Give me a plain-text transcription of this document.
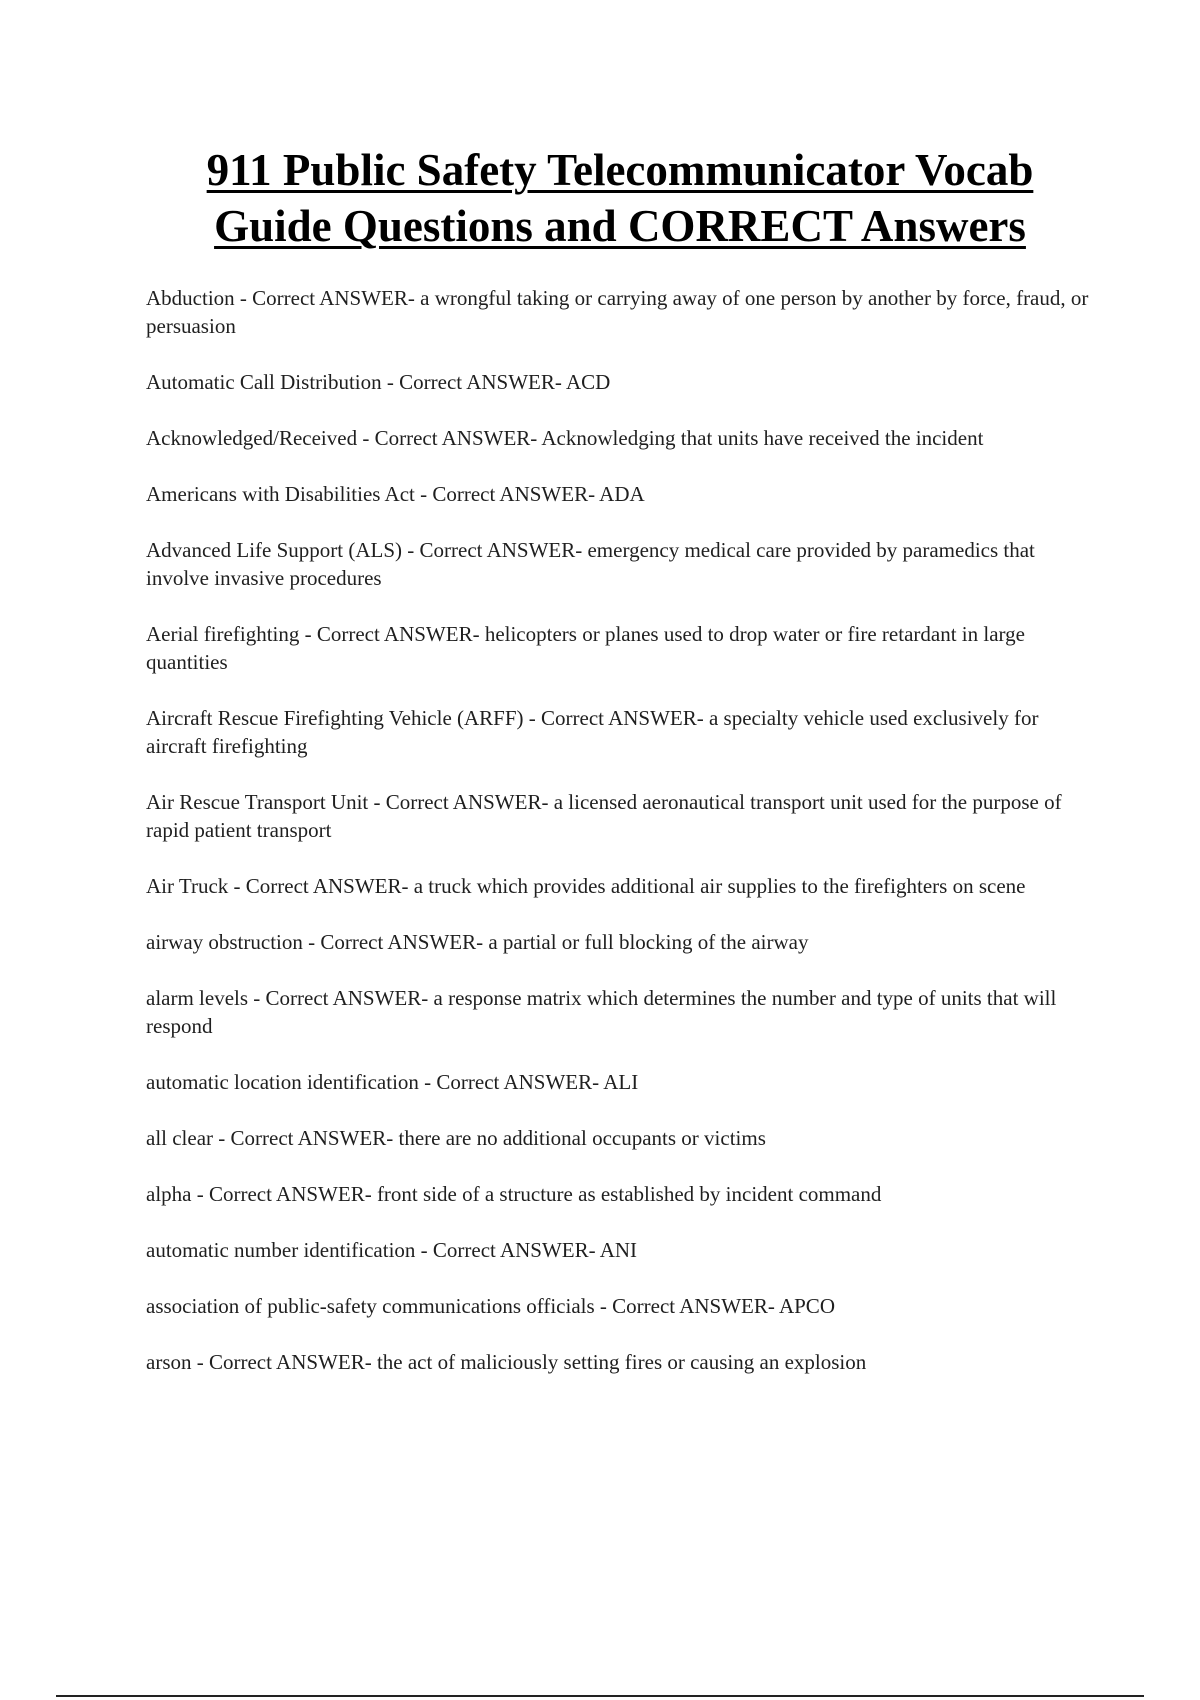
911 Public Safety Telecommunicator Vocab
Guide Questions and CORRECT Answers
Abduction - Correct ANSWER- a wrongful taking or carrying away of one person by another by force, fraud, or persuasion
Automatic Call Distribution - Correct ANSWER- ACD
Acknowledged/Received - Correct ANSWER- Acknowledging that units have received the incident
Americans with Disabilities Act - Correct ANSWER- ADA
Advanced Life Support (ALS) - Correct ANSWER- emergency medical care provided by paramedics that involve invasive procedures
Aerial firefighting - Correct ANSWER- helicopters or planes used to drop water or fire retardant in large quantities
Aircraft Rescue Firefighting Vehicle (ARFF) - Correct ANSWER- a specialty vehicle used exclusively for aircraft firefighting
Air Rescue Transport Unit - Correct ANSWER- a licensed aeronautical transport unit used for the purpose of rapid patient transport
Air Truck - Correct ANSWER- a truck which provides additional air supplies to the firefighters on scene
airway obstruction - Correct ANSWER- a partial or full blocking of the airway
alarm levels - Correct ANSWER- a response matrix which determines the number and type of units that will respond
automatic location identification - Correct ANSWER- ALI
all clear - Correct ANSWER- there are no additional occupants or victims
alpha - Correct ANSWER- front side of a structure as established by incident command
automatic number identification - Correct ANSWER- ANI
association of public-safety communications officials - Correct ANSWER- APCO
arson - Correct ANSWER- the act of maliciously setting fires or causing an explosion
